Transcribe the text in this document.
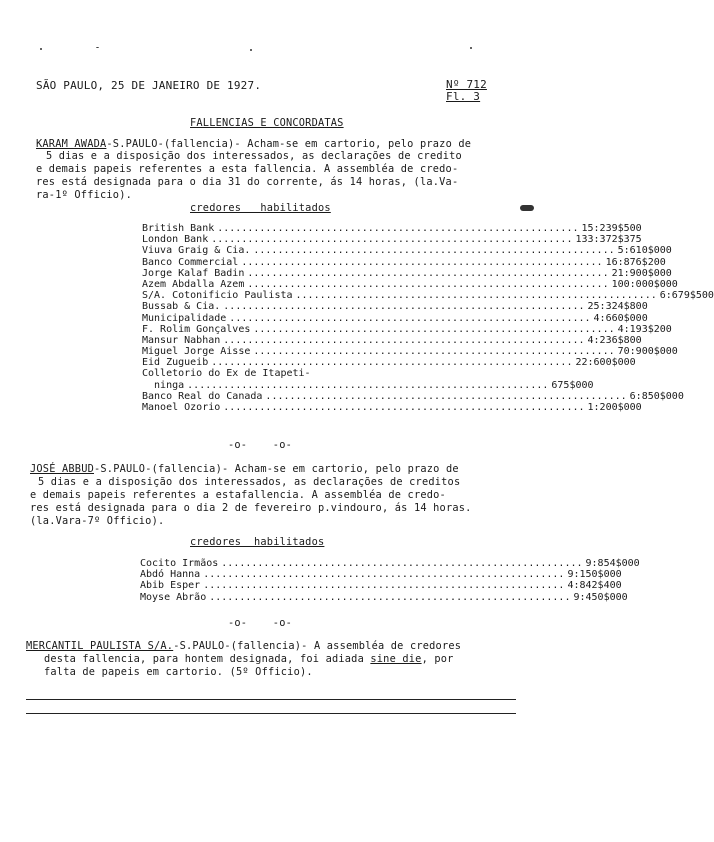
SÃO PAULO, 25 DE JANEIRO DE 1927.	Nº 712
Fl. 3
FALLENCIAS E CONCORDATAS
KARAM AWADA-S.PAULO-(fallencia)- Acham-se em cartorio, pelo prazo de
5 dias e a disposição dos interessados, as declarações de credito
e demais papeis referentes a esta fallencia. A assembléa de credo-
res está designada para o dia 31 do corrente, ás 14 horas, (la.Va-
ra-1º Officio).
credores   habilitados
British Bank ............................................................ 15:239$500
London Bank ............................................................ 133:372$375
Viuva Graig & Cia. ............................................................ 5:610$000
Banco Commercial ............................................................ 16:876$200
Jorge Kalaf Badin ............................................................ 21:900$000
Azem Abdalla Azem ............................................................ 100:000$000
S/A. Cotonificio Paulista ............................................................ 6:679$500
Bussab & Cia. ............................................................ 25:324$800
Municipalidade ............................................................ 4:660$000
F. Rolim Gonçalves ............................................................ 4:193$200
Mansur Nabhan ............................................................ 4:236$800
Miguel Jorge Aisse ............................................................ 70:900$000
Eid Zugueib ............................................................ 22:600$000
Colletorio do Ex de Itapeti-
ninga ............................................................ 675$000
Banco Real do Canada ............................................................ 6:850$000
Manoel Ozorio ............................................................ 1:200$000
-o-    -o-
JOSÉ ABBUD-S.PAULO-(fallencia)- Acham-se em cartorio, pelo prazo de
5 dias e a disposição dos interessados, as declarações de creditos
e demais papeis referentes a estafallencia. A assembléa de credo-
res está designada para o dia 2 de fevereiro p.vindouro, ás 14 horas.
(la.Vara-7º Officio).
credores  habilitados
Cocito Irmãos ............................................................ 9:854$000
Abdó Hanna ............................................................ 9:150$000
Abib Esper ............................................................ 4:842$400
Moyse Abrão ............................................................ 9:450$000
-o-    -o-
MERCANTIL PAULISTA S/A.-S.PAULO-(fallencia)- A assembléa de credores
desta fallencia, para hontem designada, foi adiada sine die, por
falta de papeis em cartorio. (5º Officio).
